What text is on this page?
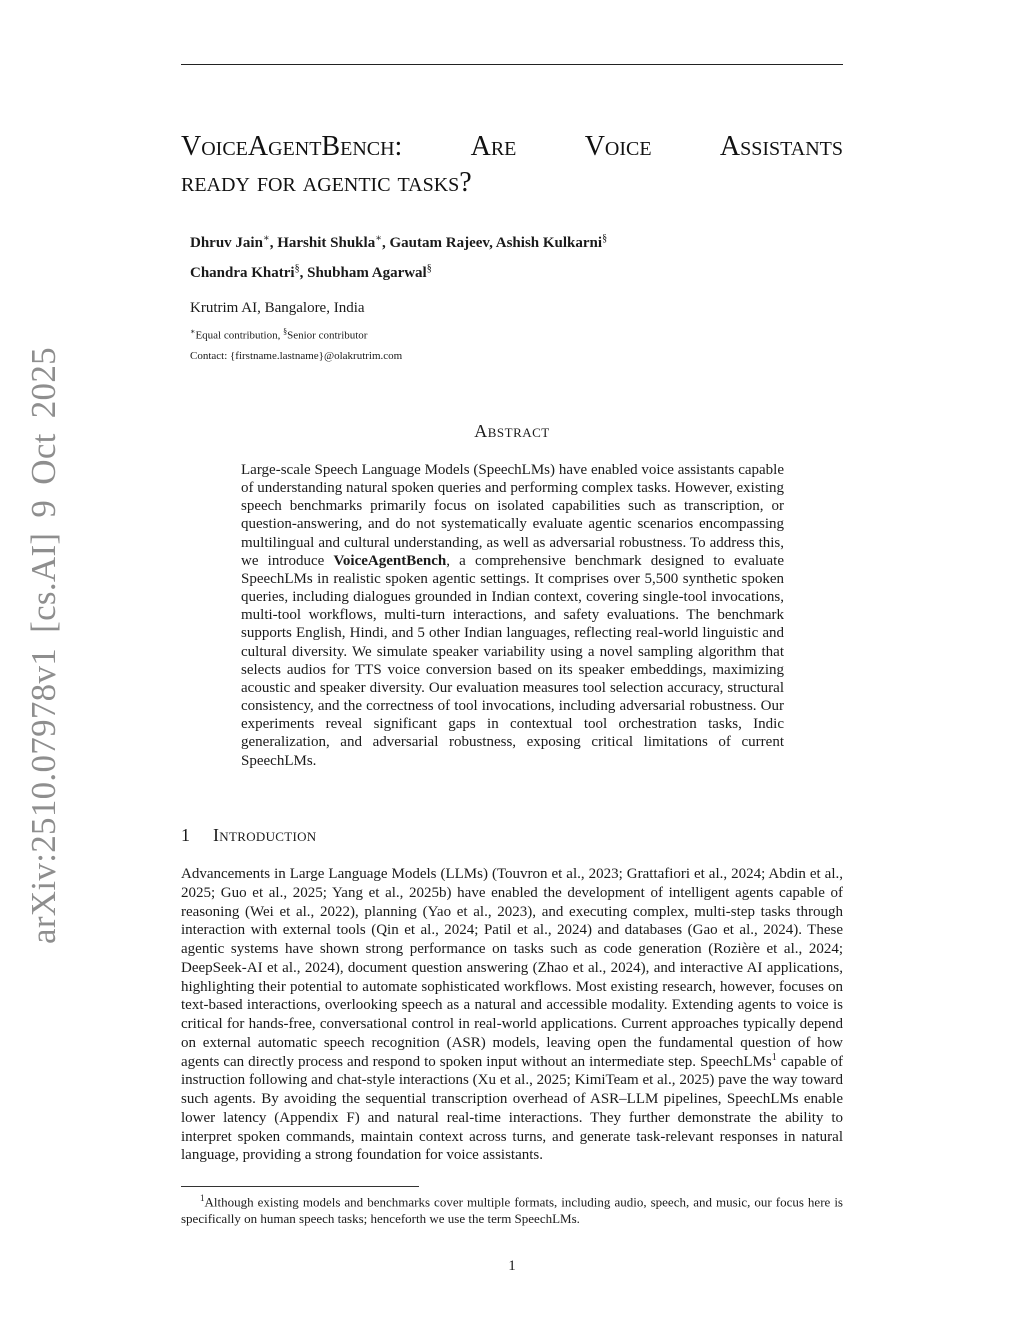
arXiv:2510.07978v1 [cs.AI] 9 Oct 2025
VoiceAgentBench: Are Voice Assistants
ready for agentic tasks?
Dhruv Jain∗, Harshit Shukla∗, Gautam Rajeev, Ashish Kulkarni§
Chandra Khatri§, Shubham Agarwal§
Krutrim AI, Bangalore, India
∗Equal contribution, §Senior contributor
Contact: {firstname.lastname}@olakrutrim.com
Abstract
Large-scale Speech Language Models (SpeechLMs) have enabled voice assistants capable of understanding natural spoken queries and performing complex tasks. However, existing speech benchmarks primarily focus on isolated capabilities such as transcription, or question-answering, and do not systematically evaluate agentic scenarios encompassing multilingual and cultural understanding, as well as adversarial robustness. To address this, we introduce VoiceAgentBench, a comprehensive benchmark designed to evaluate SpeechLMs in realistic spoken agentic settings. It comprises over 5,500 synthetic spoken queries, including dialogues grounded in Indian context, covering single-tool invocations, multi-tool workflows, multi-turn interactions, and safety evaluations. The benchmark supports English, Hindi, and 5 other Indian languages, reflecting real-world linguistic and cultural diversity. We simulate speaker variability using a novel sampling algorithm that selects audios for TTS voice conversion based on its speaker embeddings, maximizing acoustic and speaker diversity. Our evaluation measures tool selection accuracy, structural consistency, and the correctness of tool invocations, including adversarial robustness. Our experiments reveal significant gaps in contextual tool orchestration tasks, Indic generalization, and adversarial robustness, exposing critical limitations of current SpeechLMs.
1 Introduction
Advancements in Large Language Models (LLMs) (Touvron et al., 2023; Grattafiori et al., 2024; Abdin et al., 2025; Guo et al., 2025; Yang et al., 2025b) have enabled the development of intelligent agents capable of reasoning (Wei et al., 2022), planning (Yao et al., 2023), and executing complex, multi-step tasks through interaction with external tools (Qin et al., 2024; Patil et al., 2024) and databases (Gao et al., 2024). These agentic systems have shown strong performance on tasks such as code generation (Rozière et al., 2024; DeepSeek-AI et al., 2024), document question answering (Zhao et al., 2024), and interactive AI applications, highlighting their potential to automate sophisticated workflows. Most existing research, however, focuses on text-based interactions, overlooking speech as a natural and accessible modality. Extending agents to voice is critical for hands-free, conversational control in real-world applications. Current approaches typically depend on external automatic speech recognition (ASR) models, leaving open the fundamental question of how agents can directly process and respond to spoken input without an intermediate step. SpeechLMs$^1$ capable of instruction following and chat-style interactions (Xu et al., 2025; KimiTeam et al., 2025) pave the way toward such agents. By avoiding the sequential transcription overhead of ASR–LLM pipelines, SpeechLMs enable lower latency (Appendix F) and natural real-time interactions. They further demonstrate the ability to interpret spoken commands, maintain context across turns, and generate task-relevant responses in natural language, providing a strong foundation for voice assistants.
$^1$Although existing models and benchmarks cover multiple formats, including audio, speech, and music, our focus here is specifically on human speech tasks; henceforth we use the term SpeechLMs.
1
